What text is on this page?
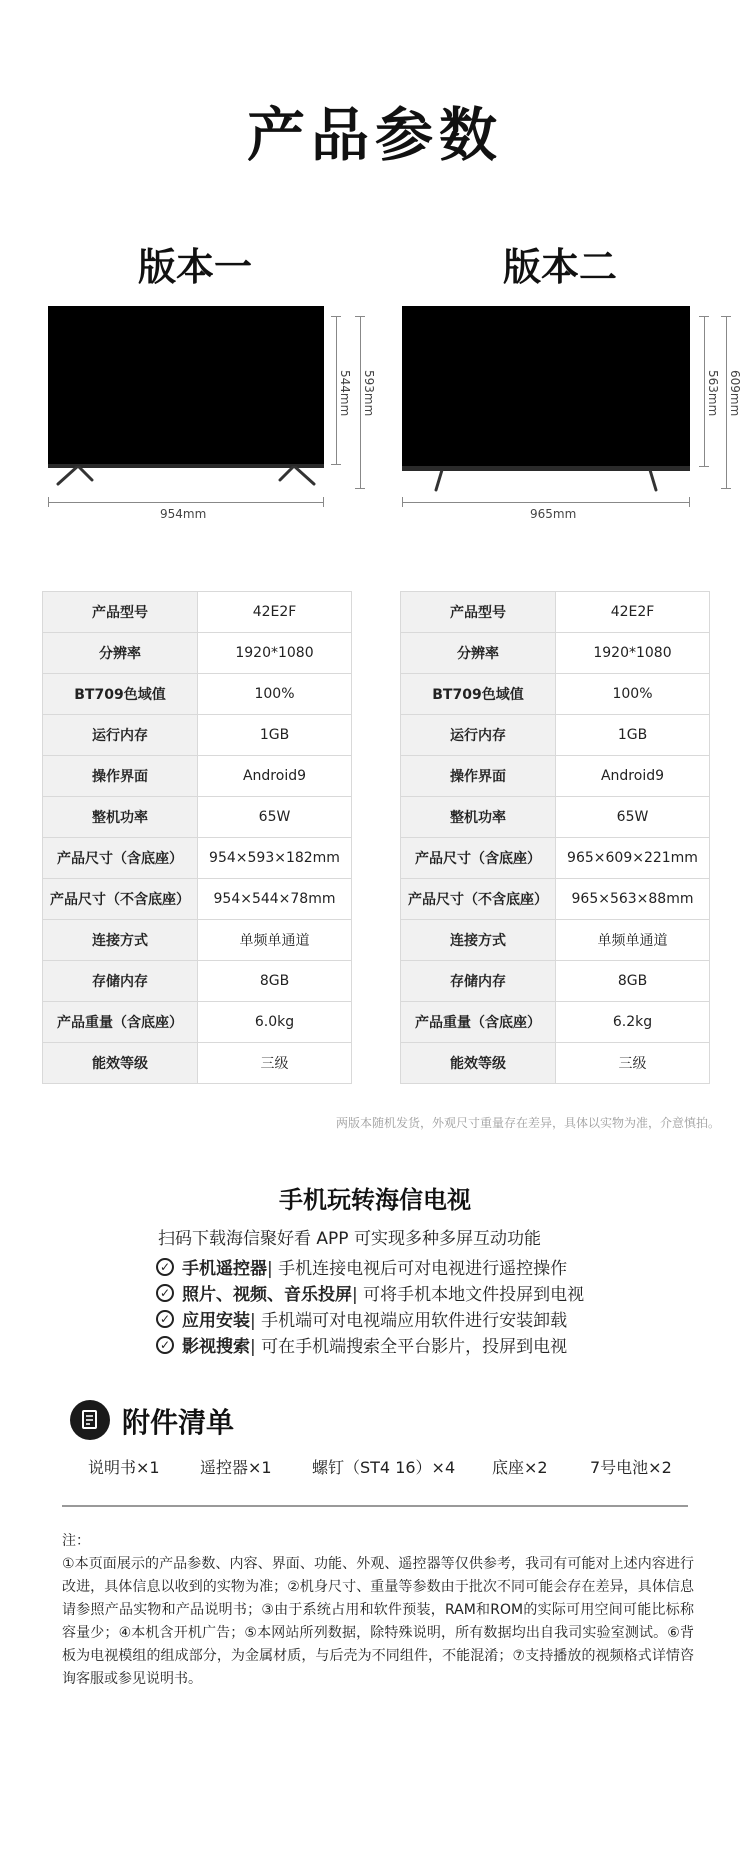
产品参数
版本一
544mm 593mm
954mm
版本二
563mm 609mm
965mm
产品型号	42E2F
分辨率	1920*1080
BT709色域值	100%
运行内存	1GB
操作界面	Android9
整机功率	65W
产品尺寸（含底座）	954×593×182mm
产品尺寸（不含底座）	954×544×78mm
连接方式	单频单通道
存储内存	8GB
产品重量（含底座）	6.0kg
能效等级	三级
产品型号	42E2F
分辨率	1920*1080
BT709色域值	100%
运行内存	1GB
操作界面	Android9
整机功率	65W
产品尺寸（含底座）	965×609×221mm
产品尺寸（不含底座）	965×563×88mm
连接方式	单频单通道
存储内存	8GB
产品重量（含底座）	6.2kg
能效等级	三级
两版本随机发货，外观尺寸重量存在差异，具体以实物为准，介意慎拍。
手机玩转海信电视
扫码下载海信聚好看 APP 可实现多种多屏互动功能
✓ 手机遥控器 | 手机连接电视后可对电视进行遥控操作
✓ 照片、视频、音乐投屏 | 可将手机本地文件投屏到电视
✓ 应用安装 | 手机端可对电视端应用软件进行安装卸载
✓ 影视搜索 | 可在手机端搜索全平台影片，投屏到电视
附件清单
说明书×1	遥控器×1	螺钉（ST4 16）×4 底座×2	7号电池×2
注：
①本页面展示的产品参数、内容、界面、功能、外观、遥控器等仅供参考，我司有可能对上述内容进行改进，具体信息以收到的实物为准；②机身尺寸、重量等参数由于批次不同可能会存在差异，具体信息请参照产品实物和产品说明书；③由于系统占用和软件预装，RAM和ROM的实际可用空间可能比标称容量少；④本机含开机广告；⑤本网站所列数据，除特殊说明，所有数据均出自我司实验室测试。⑥背板为电视模组的组成部分，为金属材质，与后壳为不同组件，不能混淆；⑦支持播放的视频格式详情咨询客服或参见说明书。
